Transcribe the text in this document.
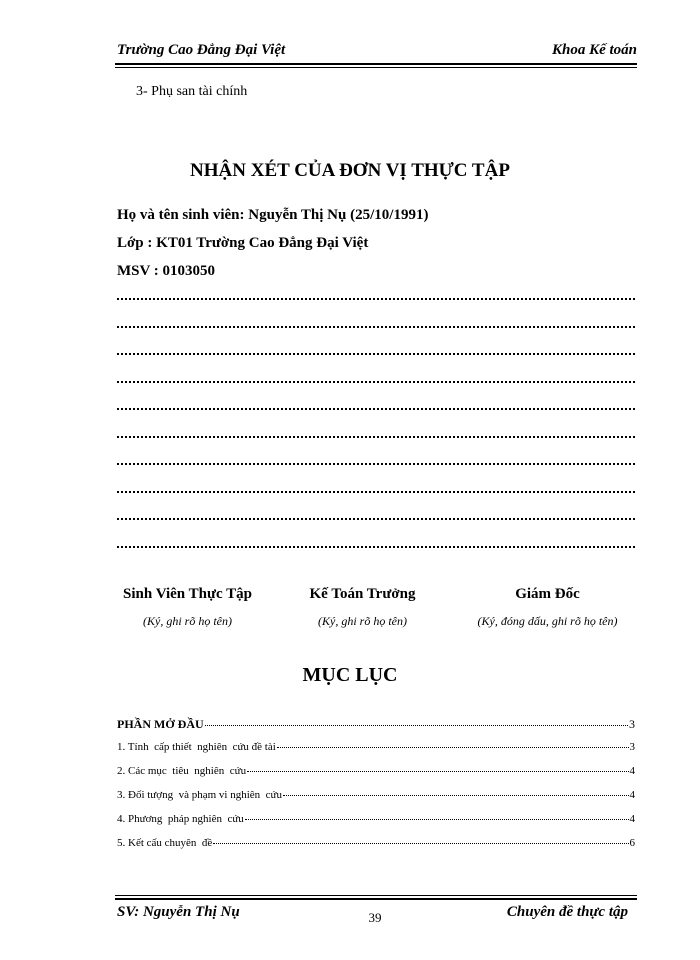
Trường Cao Đẳng Đại Việt	Khoa Kế toán
3- Phụ san tài chính
NHẬN XÉT CỦA ĐƠN VỊ THỰC TẬP
Họ và tên sinh viên: Nguyễn Thị Nụ (25/10/1991)
Lớp : KT01 Trường Cao Đẳng Đại Việt
MSV : 0103050
Sinh Viên Thực Tập
(Ký, ghi rõ họ tên)
Kế Toán Trưởng
(Ký, ghi rõ họ tên)
Giám Đốc
(Ký, đóng dấu, ghi rõ họ tên)
MỤC LỤC
PHẦN MỞ ĐẦU	3
1. Tính  cấp thiết  nghiên  cứu đề tài	3
2. Các mục  tiêu  nghiên  cứu	4
3. Đối tượng  và phạm vi nghiên  cứu	4
4. Phương  pháp nghiên  cứu	4
5. Kết cấu chuyên  đề	6
SV: Nguyễn Thị Nụ	39	Chuyên đề thực tập
